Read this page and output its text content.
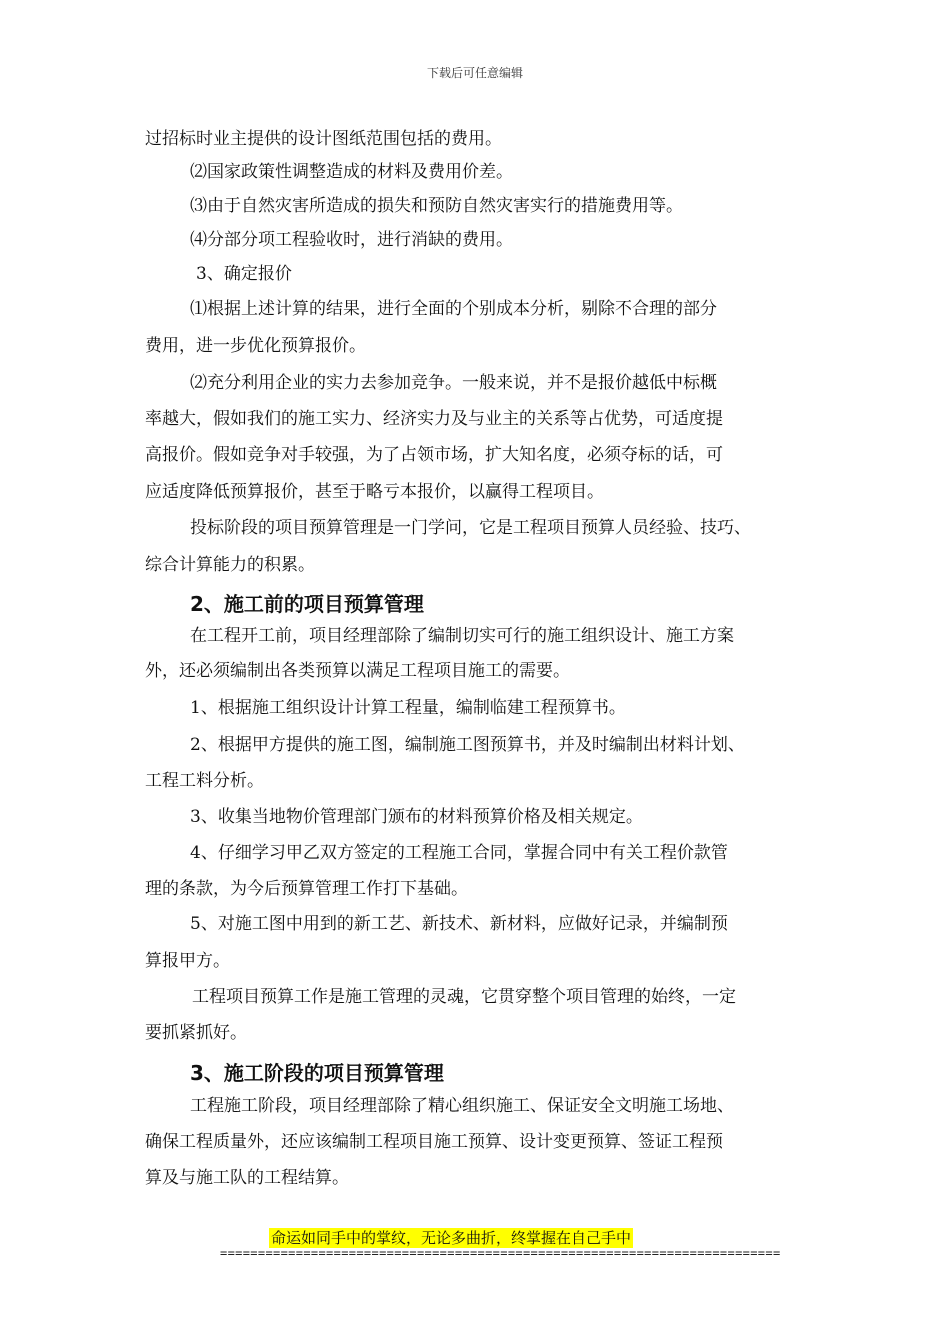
下载后可任意编辑
过招标时业主提供的设计图纸范围包括的费用。
⑵国家政策性调整造成的材料及费用价差。
⑶由于自然灾害所造成的损失和预防自然灾害实行的措施费用等。
⑷分部分项工程验收时，进行消缺的费用。
3、确定报价
⑴根据上述计算的结果，进行全面的个别成本分析，剔除不合理的部分
费用，进一步优化预算报价。
⑵充分利用企业的实力去参加竞争。一般来说，并不是报价越低中标概
率越大，假如我们的施工实力、经济实力及与业主的关系等占优势，可适度提
高报价。假如竞争对手较强，为了占领市场，扩大知名度，必须夺标的话，可
应适度降低预算报价，甚至于略亏本报价，以赢得工程项目。
投标阶段的项目预算管理是一门学问，它是工程项目预算人员经验、技巧、
综合计算能力的积累。
2、施工前的项目预算管理
在工程开工前，项目经理部除了编制切实可行的施工组织设计、施工方案
外，还必须编制出各类预算以满足工程项目施工的需要。
1、根据施工组织设计计算工程量，编制临建工程预算书。
2、根据甲方提供的施工图，编制施工图预算书，并及时编制出材料计划、
工程工料分析。
3、收集当地物价管理部门颁布的材料预算价格及相关规定。
4、仔细学习甲乙双方签定的工程施工合同，掌握合同中有关工程价款管
理的条款，为今后预算管理工作打下基础。
5、对施工图中用到的新工艺、新技术、新材料，应做好记录，并编制预
算报甲方。
工程项目预算工作是施工管理的灵魂，它贯穿整个项目管理的始终，一定
要抓紧抓好。
3、施工阶段的项目预算管理
工程施工阶段，项目经理部除了精心组织施工、保证安全文明施工场地、
确保工程质量外，还应该编制工程项目施工预算、设计变更预算、签证工程预
算及与施工队的工程结算。
命运如同手中的掌纹，无论多曲折，终掌握在自己手中
==========================================================================
